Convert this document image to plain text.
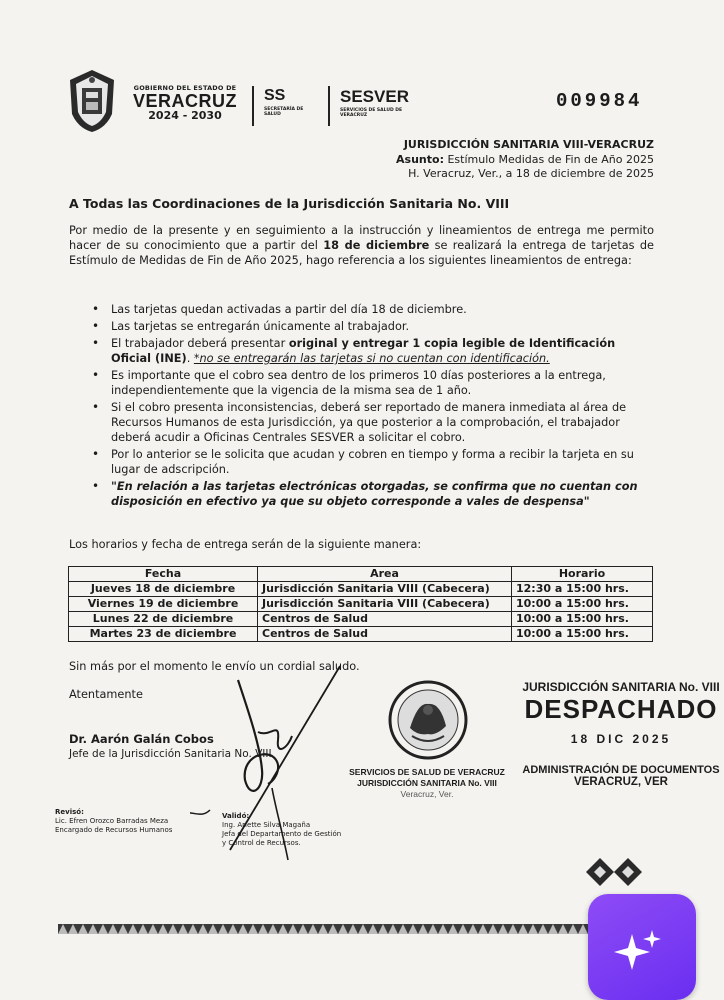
GOBIERNO DEL ESTADO DE
VERACRUZ
2024 - 2030
SS
SECRETARÍA DE SALUD
SESVER
SERVICIOS DE SALUD DE VERACRUZ
009984
JURISDICCIÓN SANITARIA VIII-VERACRUZ
Asunto: Estímulo Medidas de Fin de Año 2025
H. Veracruz, Ver., a 18 de diciembre de 2025
A Todas las Coordinaciones de la Jurisdicción Sanitaria No. VIII
Por medio de la presente y en seguimiento a la instrucción y lineamientos de entrega me permito hacer de su conocimiento que a partir del 18 de diciembre se realizará la entrega de tarjetas de Estímulo de Medidas de Fin de Año 2025, hago referencia a los siguientes lineamientos de entrega:
• Las tarjetas quedan activadas a partir del día 18 de diciembre.
• Las tarjetas se entregarán únicamente al trabajador.
• El trabajador deberá presentar original y entregar 1 copia legible de Identificación Oficial (INE). *no se entregarán las tarjetas si no cuentan con identificación.
• Es importante que el cobro sea dentro de los primeros 10 días posteriores a la entrega, independientemente que la vigencia de la misma sea de 1 año.
• Si el cobro presenta inconsistencias, deberá ser reportado de manera inmediata al área de Recursos Humanos de esta Jurisdicción, ya que posterior a la comprobación, el trabajador deberá acudir a Oficinas Centrales SESVER a solicitar el cobro.
• Por lo anterior se le solicita que acudan y cobren en tiempo y forma a recibir la tarjeta en su lugar de adscripción.
• "En relación a las tarjetas electrónicas otorgadas, se confirma que no cuentan con disposición en efectivo ya que su objeto corresponde a vales de despensa"
Los horarios y fecha de entrega serán de la siguiente manera:
Fecha	Area	Horario
Jueves 18 de diciembre	Jurisdicción Sanitaria VIII (Cabecera)	12:30 a 15:00 hrs.
Viernes 19 de diciembre	Jurisdicción Sanitaria VIII (Cabecera)	10:00 a 15:00 hrs.
Lunes 22 de diciembre	Centros de Salud	10:00 a 15:00 hrs.
Martes 23 de diciembre	Centros de Salud	10:00 a 15:00 hrs.
Sin más por el momento le envío un cordial saludo.
Atentamente
Dr. Aarón Galán Cobos
Jefe de la Jurisdicción Sanitaria No. VIII
Revisó:
Lic. Efren Orozco Barradas Meza
Encargado de Recursos Humanos
Validó:
Ing. Arlette Silva Magaña
Jefa del Departamento de Gestión
y Control de Recursos.
SERVICIOS DE SALUD DE VERACRUZ
JURISDICCIÓN SANITARIA No. VIII
Veracruz, Ver.
JURISDICCIÓN SANITARIA No. VIII
DESPACHADO
18 DIC 2025
ADMINISTRACIÓN DE DOCUMENTOS
VERACRUZ, VER
